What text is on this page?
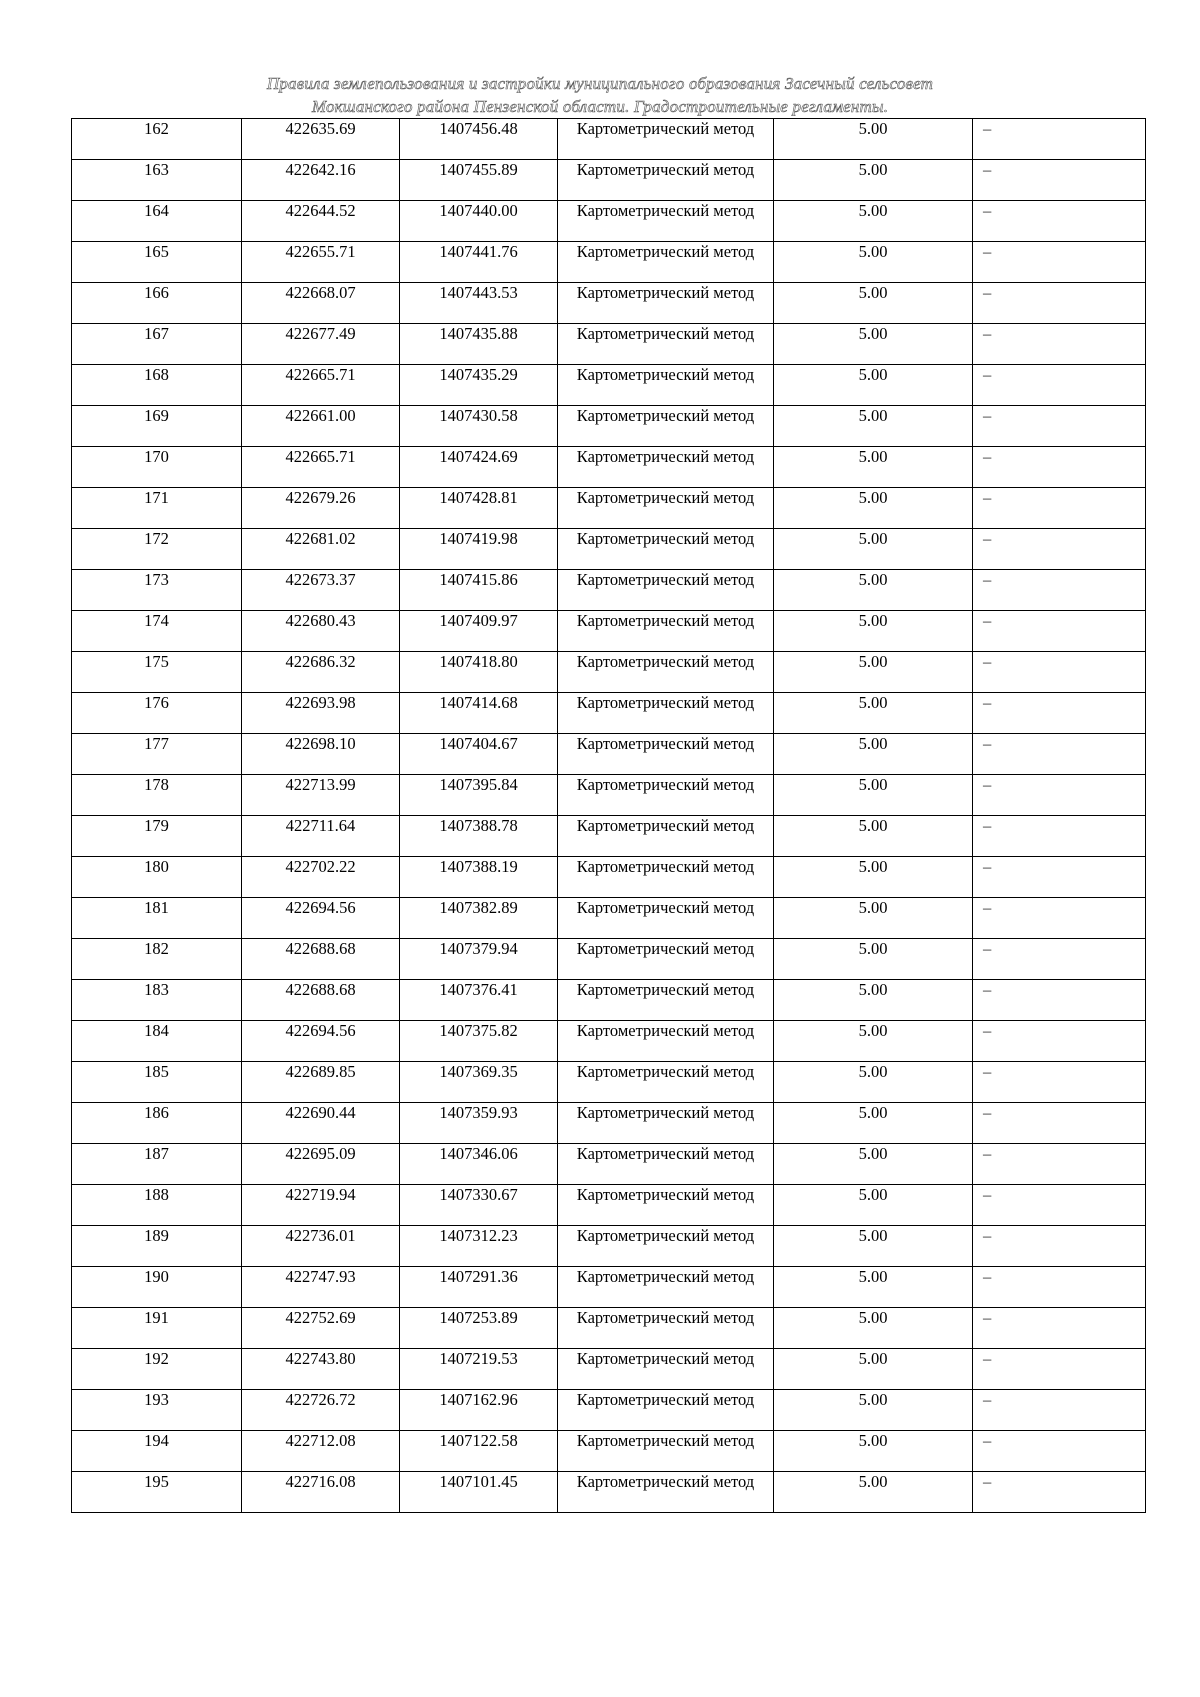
Правила землепользования и застройки муниципального образования Засечный сельсовет
Мокшанского района Пензенской области. Градостроительные регламенты.
162	422635.69	1407456.48	Картометрический метод	5.00	–
163	422642.16	1407455.89	Картометрический метод	5.00	–
164	422644.52	1407440.00	Картометрический метод	5.00	–
165	422655.71	1407441.76	Картометрический метод	5.00	–
166	422668.07	1407443.53	Картометрический метод	5.00	–
167	422677.49	1407435.88	Картометрический метод	5.00	–
168	422665.71	1407435.29	Картометрический метод	5.00	–
169	422661.00	1407430.58	Картометрический метод	5.00	–
170	422665.71	1407424.69	Картометрический метод	5.00	–
171	422679.26	1407428.81	Картометрический метод	5.00	–
172	422681.02	1407419.98	Картометрический метод	5.00	–
173	422673.37	1407415.86	Картометрический метод	5.00	–
174	422680.43	1407409.97	Картометрический метод	5.00	–
175	422686.32	1407418.80	Картометрический метод	5.00	–
176	422693.98	1407414.68	Картометрический метод	5.00	–
177	422698.10	1407404.67	Картометрический метод	5.00	–
178	422713.99	1407395.84	Картометрический метод	5.00	–
179	422711.64	1407388.78	Картометрический метод	5.00	–
180	422702.22	1407388.19	Картометрический метод	5.00	–
181	422694.56	1407382.89	Картометрический метод	5.00	–
182	422688.68	1407379.94	Картометрический метод	5.00	–
183	422688.68	1407376.41	Картометрический метод	5.00	–
184	422694.56	1407375.82	Картометрический метод	5.00	–
185	422689.85	1407369.35	Картометрический метод	5.00	–
186	422690.44	1407359.93	Картометрический метод	5.00	–
187	422695.09	1407346.06	Картометрический метод	5.00	–
188	422719.94	1407330.67	Картометрический метод	5.00	–
189	422736.01	1407312.23	Картометрический метод	5.00	–
190	422747.93	1407291.36	Картометрический метод	5.00	–
191	422752.69	1407253.89	Картометрический метод	5.00	–
192	422743.80	1407219.53	Картометрический метод	5.00	–
193	422726.72	1407162.96	Картометрический метод	5.00	–
194	422712.08	1407122.58	Картометрический метод	5.00	–
195	422716.08	1407101.45	Картометрический метод	5.00	–
